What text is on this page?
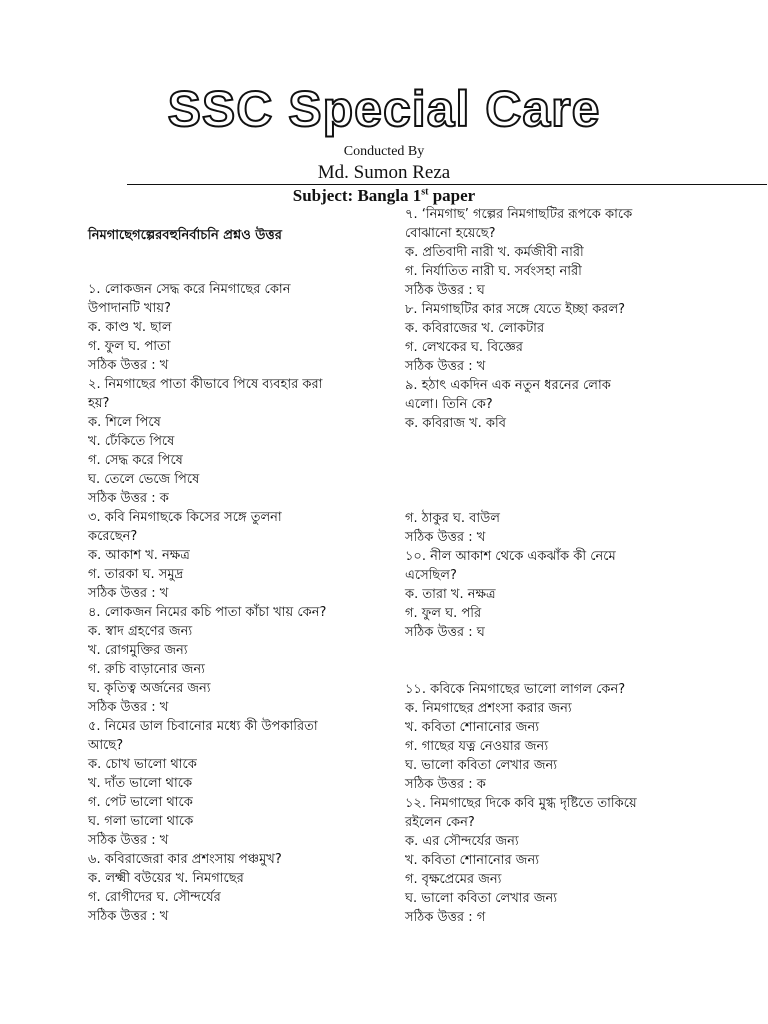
SSC Special Care
Conducted By
Md. Sumon Reza
Subject: Bangla 1st paper
নিমগাছেগল্পেরবহুনির্বাচনি প্রশ্নও উত্তর
১. লোকজন সেদ্ধ করে নিমগাছের কোন
উপাদানটি খায়?
ক. কাণ্ড খ. ছাল
গ. ফুল ঘ. পাতা
সঠিক উত্তর : খ
২. নিমগাছের পাতা কীভাবে পিষে ব্যবহার করা
হয়?
ক. শিলে পিষে
খ. ঢেঁকিতে পিষে
গ. সেদ্ধ করে পিষে
ঘ. তেলে ভেজে পিষে
সঠিক উত্তর : ক
৩. কবি নিমগাছকে কিসের সঙ্গে তুলনা
করেছেন?
ক. আকাশ খ. নক্ষত্র
গ. তারকা ঘ. সমুদ্র
সঠিক উত্তর : খ
৪. লোকজন নিমের কচি পাতা কাঁচা খায় কেন?
ক. স্বাদ গ্রহণের জন্য
খ. রোগমুক্তির জন্য
গ. রুচি বাড়ানোর জন্য
ঘ. কৃতিত্ব অর্জনের জন্য
সঠিক উত্তর : খ
৫. নিমের ডাল চিবানোর মধ্যে কী উপকারিতা
আছে?
ক. চোখ ভালো থাকে
খ. দাঁত ভালো থাকে
গ. পেট ভালো থাকে
ঘ. গলা ভালো থাকে
সঠিক উত্তর : খ
৬. কবিরাজেরা কার প্রশংসায় পঞ্চমুখ?
ক. লক্ষ্মী বউয়ের খ. নিমগাছের
গ. রোগীদের ঘ. সৌন্দর্যের
সঠিক উত্তর : খ
৭. ‘নিমগাছ’ গল্পের নিমগাছটির রূপকে কাকে
বোঝানো হয়েছে?
ক. প্রতিবাদী নারী খ. কর্মজীবী নারী
গ. নির্যাতিত নারী ঘ. সর্বংসহা নারী
সঠিক উত্তর : ঘ
৮. নিমগাছটির কার সঙ্গে যেতে ইচ্ছা করল?
ক. কবিরাজের খ. লোকটার
গ. লেখকের ঘ. বিজ্ঞের
সঠিক উত্তর : খ
৯. হঠাৎ একদিন এক নতুন ধরনের লোক
এলো। তিনি কে?
ক. কবিরাজ খ. কবি
গ. ঠাকুর ঘ. বাউল
সঠিক উত্তর : খ
১০. নীল আকাশ থেকে একঝাঁক কী নেমে
এসেছিল?
ক. তারা খ. নক্ষত্র
গ. ফুল ঘ. পরি
সঠিক উত্তর : ঘ
১১. কবিকে নিমগাছের ভালো লাগল কেন?
ক. নিমগাছের প্রশংসা করার জন্য
খ. কবিতা শোনানোর জন্য
গ. গাছের যত্ন নেওয়ার জন্য
ঘ. ভালো কবিতা লেখার জন্য
সঠিক উত্তর : ক
১২. নিমগাছের দিকে কবি মুগ্ধ দৃষ্টিতে তাকিয়ে
রইলেন কেন?
ক. এর সৌন্দর্যের জন্য
খ. কবিতা শোনানোর জন্য
গ. বৃক্ষপ্রেমের জন্য
ঘ. ভালো কবিতা লেখার জন্য
সঠিক উত্তর : গ
